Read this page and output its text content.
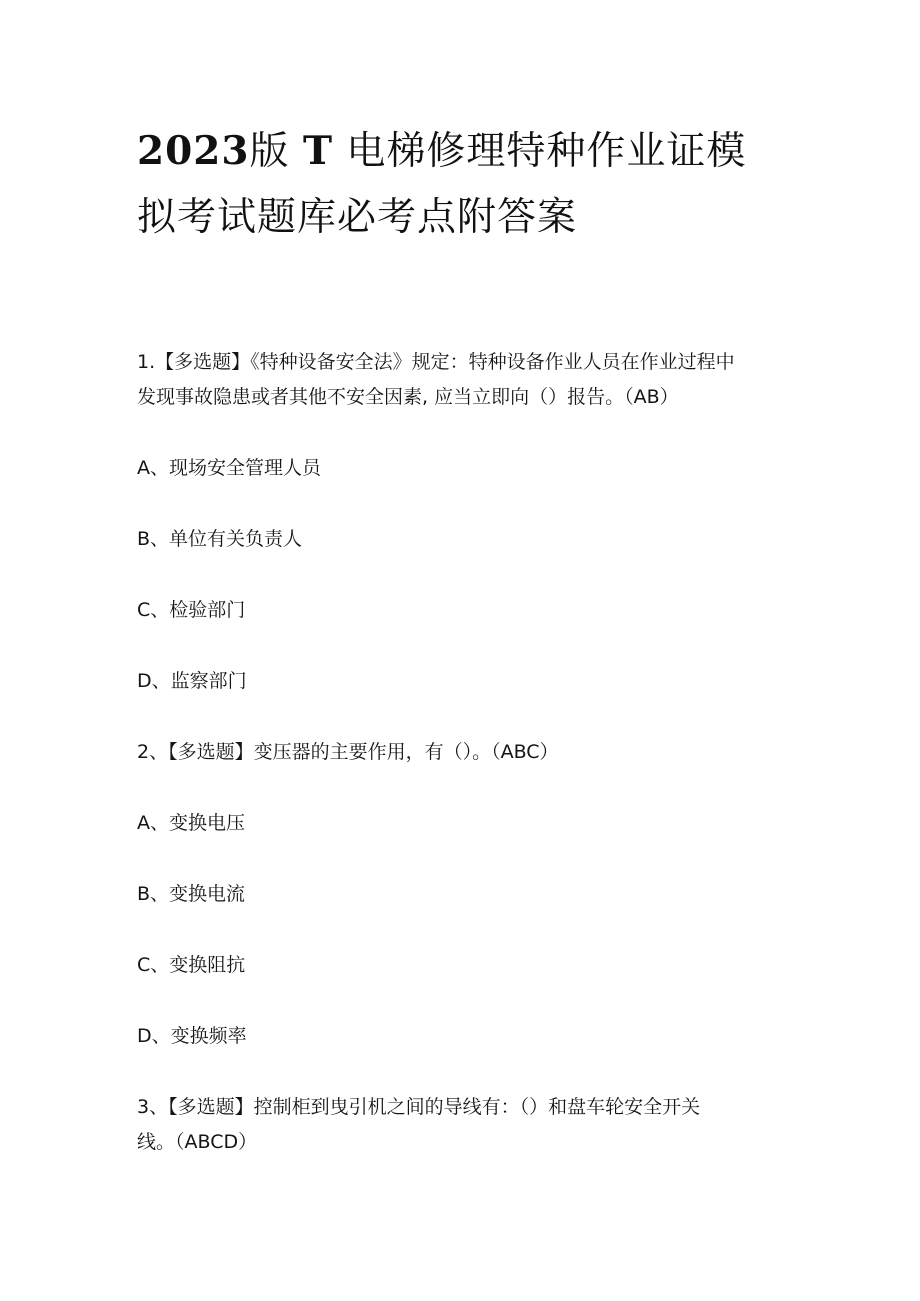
2023版 T 电梯修理特种作业证模
拟考试题库必考点附答案
1.【多选题】《特种设备安全法》规定：特种设备作业人员在作业过程中
发现事故隐患或者其他不安全因素, 应当立即向（）报告。（AB）
A、现场安全管理人员
B、单位有关负责人
C、检验部门
D、监察部门
2、【多选题】变压器的主要作用，有（）。（ABC）
A、变换电压
B、变换电流
C、变换阻抗
D、变换频率
3、【多选题】控制柜到曳引机之间的导线有：（）和盘车轮安全开关
线。（ABCD）
